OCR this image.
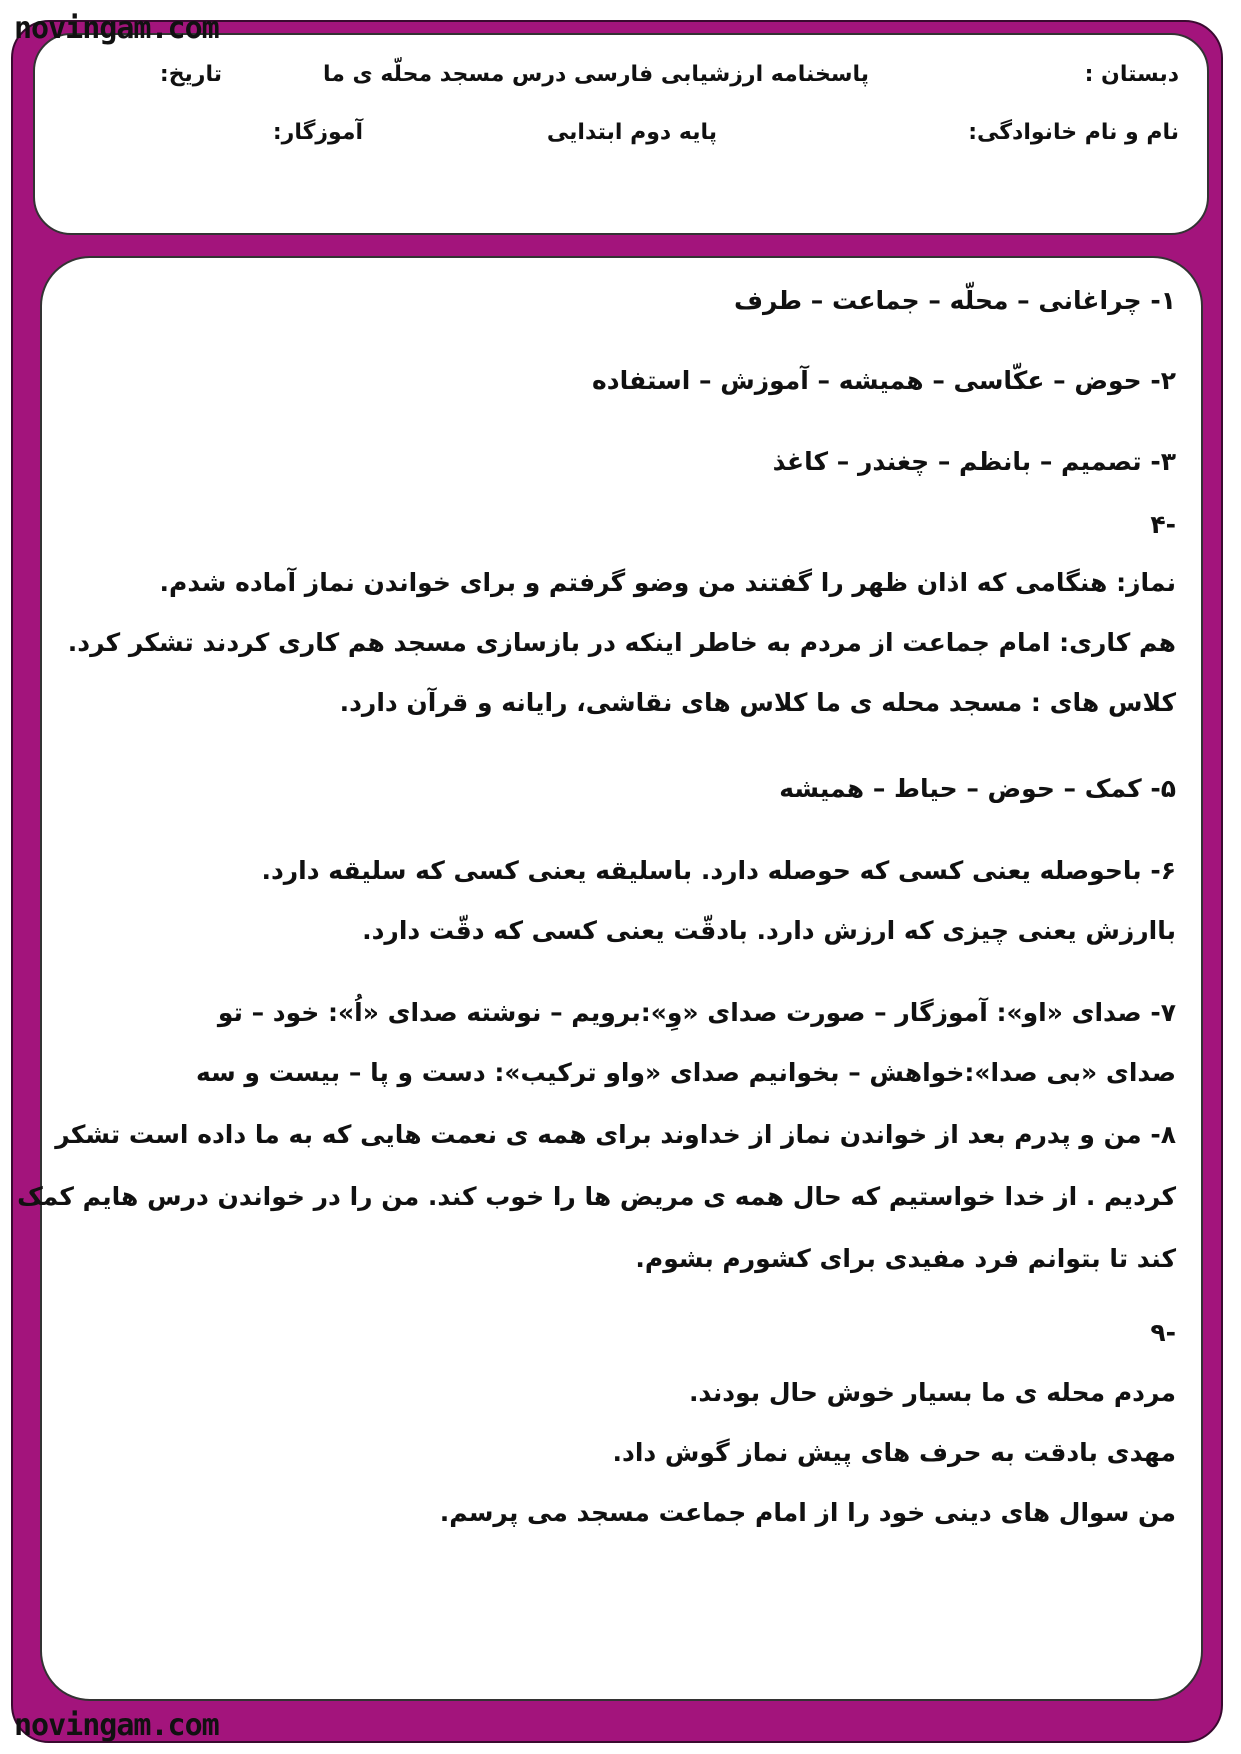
دبستان :
پاسخنامه ارزشیابی فارسی درس مسجد محلّه ی ما
تاریخ:
نام و نام خانوادگی:
پایه دوم ابتدایی
آموزگار:
۱- چراغانی – محلّه – جماعت – طرف
۲- حوض – عکّاسی – همیشه – آموزش – استفاده
۳- تصمیم – بانظم – چغندر – کاغذ
۴-
نماز: هنگامی که اذان ظهر را گفتند من وضو گرفتم و برای خواندن نماز آماده شدم.
هم کاری: امام جماعت از مردم به خاطر اینکه در بازسازی مسجد هم کاری کردند تشکر کرد.
کلاس های : مسجد محله ی ما کلاس های نقاشی، رایانه و قرآن دارد.
۵- کمک – حوض – حیاط – همیشه
۶- باحوصله یعنی کسی که حوصله دارد. باسلیقه یعنی کسی که سلیقه دارد.
باارزش یعنی چیزی که ارزش دارد. بادقّت یعنی کسی که دقّت دارد.
۷- صدای «او»: آموزگار – صورت صدای «وِ»:برویم – نوشته صدای «اُ»: خود – تو
صدای «بی صدا»:خواهش – بخوانیم صدای «واو ترکیب»: دست و پا – بیست و سه
۸- من و پدرم بعد از خواندن نماز از خداوند برای همه ی نعمت هایی که به ما داده است تشکر
کردیم . از خدا خواستیم که حال همه ی مریض ها را خوب کند. من را در خواندن درس هایم کمک
کند تا بتوانم فرد مفیدی برای کشورم بشوم.
۹-
مردم محله ی ما بسیار خوش حال بودند.
مهدی بادقت به حرف های پیش نماز گوش داد.
من سوال های دینی خود را از امام جماعت مسجد می پرسم.
novingam.com
novingam.com
